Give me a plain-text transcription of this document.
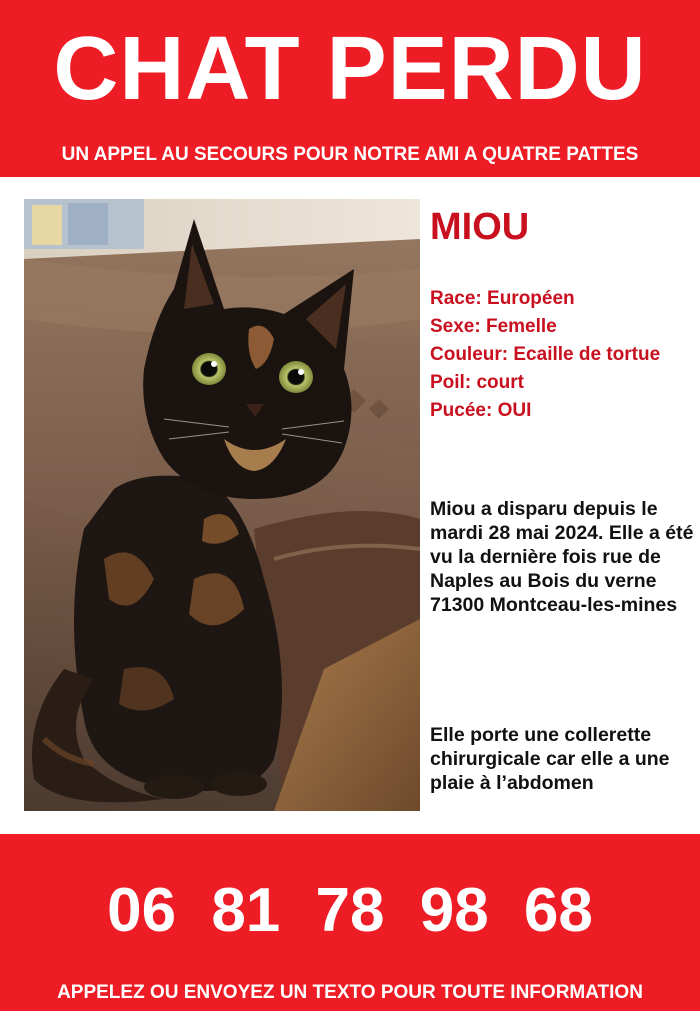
CHAT PERDU

UN APPEL AU SECOURS POUR NOTRE AMI A QUATRE PATTES

MIOU
Race: Européen
Sexe: Femelle
Couleur: Ecaille de tortue
Poil: court
Pucée: OUI

Miou a disparu depuis le mardi 28 mai 2024. Elle a été vu la dernière fois rue de Naples au Bois du verne 71300 Montceau-les-mines

Elle porte une collerette chirurgicale car elle a une plaie à l’abdomen

06 81 78 98 68

APPELEZ OU ENVOYEZ UN TEXTO POUR TOUTE INFORMATION
